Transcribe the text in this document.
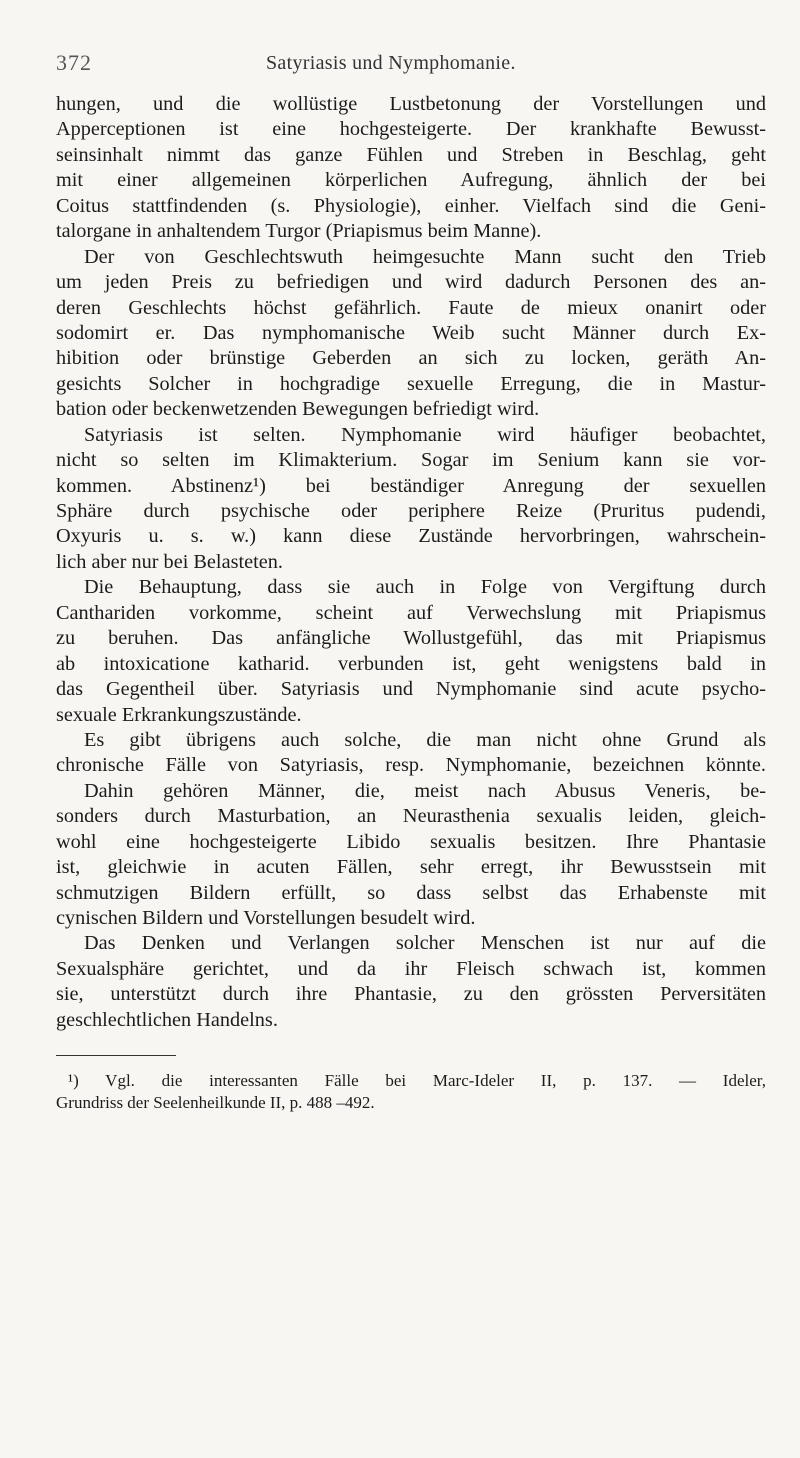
372	Satyriasis und Nymphomanie.
hungen, und die wollüstige Lustbetonung der Vorstellungen und
Apperceptionen ist eine hochgesteigerte. Der krankhafte Bewusst-
seinsinhalt nimmt das ganze Fühlen und Streben in Beschlag, geht
mit einer allgemeinen körperlichen Aufregung, ähnlich der bei
Coitus stattfindenden (s. Physiologie), einher. Vielfach sind die Geni-
talorgane in anhaltendem Turgor (Priapismus beim Manne).
Der von Geschlechtswuth heimgesuchte Mann sucht den Trieb
um jeden Preis zu befriedigen und wird dadurch Personen des an-
deren Geschlechts höchst gefährlich. Faute de mieux onanirt oder
sodomirt er. Das nymphomanische Weib sucht Männer durch Ex-
hibition oder brünstige Geberden an sich zu locken, geräth An-
gesichts Solcher in hochgradige sexuelle Erregung, die in Mastur-
bation oder beckenwetzenden Bewegungen befriedigt wird.
Satyriasis ist selten. Nymphomanie wird häufiger beobachtet,
nicht so selten im Klimakterium. Sogar im Senium kann sie vor-
kommen. Abstinenz¹) bei beständiger Anregung der sexuellen
Sphäre durch psychische oder periphere Reize (Pruritus pudendi,
Oxyuris u. s. w.) kann diese Zustände hervorbringen, wahrschein-
lich aber nur bei Belasteten.
Die Behauptung, dass sie auch in Folge von Vergiftung durch
Canthariden vorkomme, scheint auf Verwechslung mit Priapismus
zu beruhen. Das anfängliche Wollustgefühl, das mit Priapismus
ab intoxicatione katharid. verbunden ist, geht wenigstens bald in
das Gegentheil über. Satyriasis und Nymphomanie sind acute psycho-
sexuale Erkrankungszustände.
Es gibt übrigens auch solche, die man nicht ohne Grund als
chronische Fälle von Satyriasis, resp. Nymphomanie, bezeichnen könnte.
Dahin gehören Männer, die, meist nach Abusus Veneris, be-
sonders durch Masturbation, an Neurasthenia sexualis leiden, gleich-
wohl eine hochgesteigerte Libido sexualis besitzen. Ihre Phantasie
ist, gleichwie in acuten Fällen, sehr erregt, ihr Bewusstsein mit
schmutzigen Bildern erfüllt, so dass selbst das Erhabenste mit
cynischen Bildern und Vorstellungen besudelt wird.
Das Denken und Verlangen solcher Menschen ist nur auf die
Sexualsphäre gerichtet, und da ihr Fleisch schwach ist, kommen
sie, unterstützt durch ihre Phantasie, zu den grössten Perversitäten
geschlechtlichen Handelns.
¹) Vgl. die interessanten Fälle bei Marc-Ideler II, p. 137. — Ideler,
Grundriss der Seelenheilkunde II, p. 488 –492.
